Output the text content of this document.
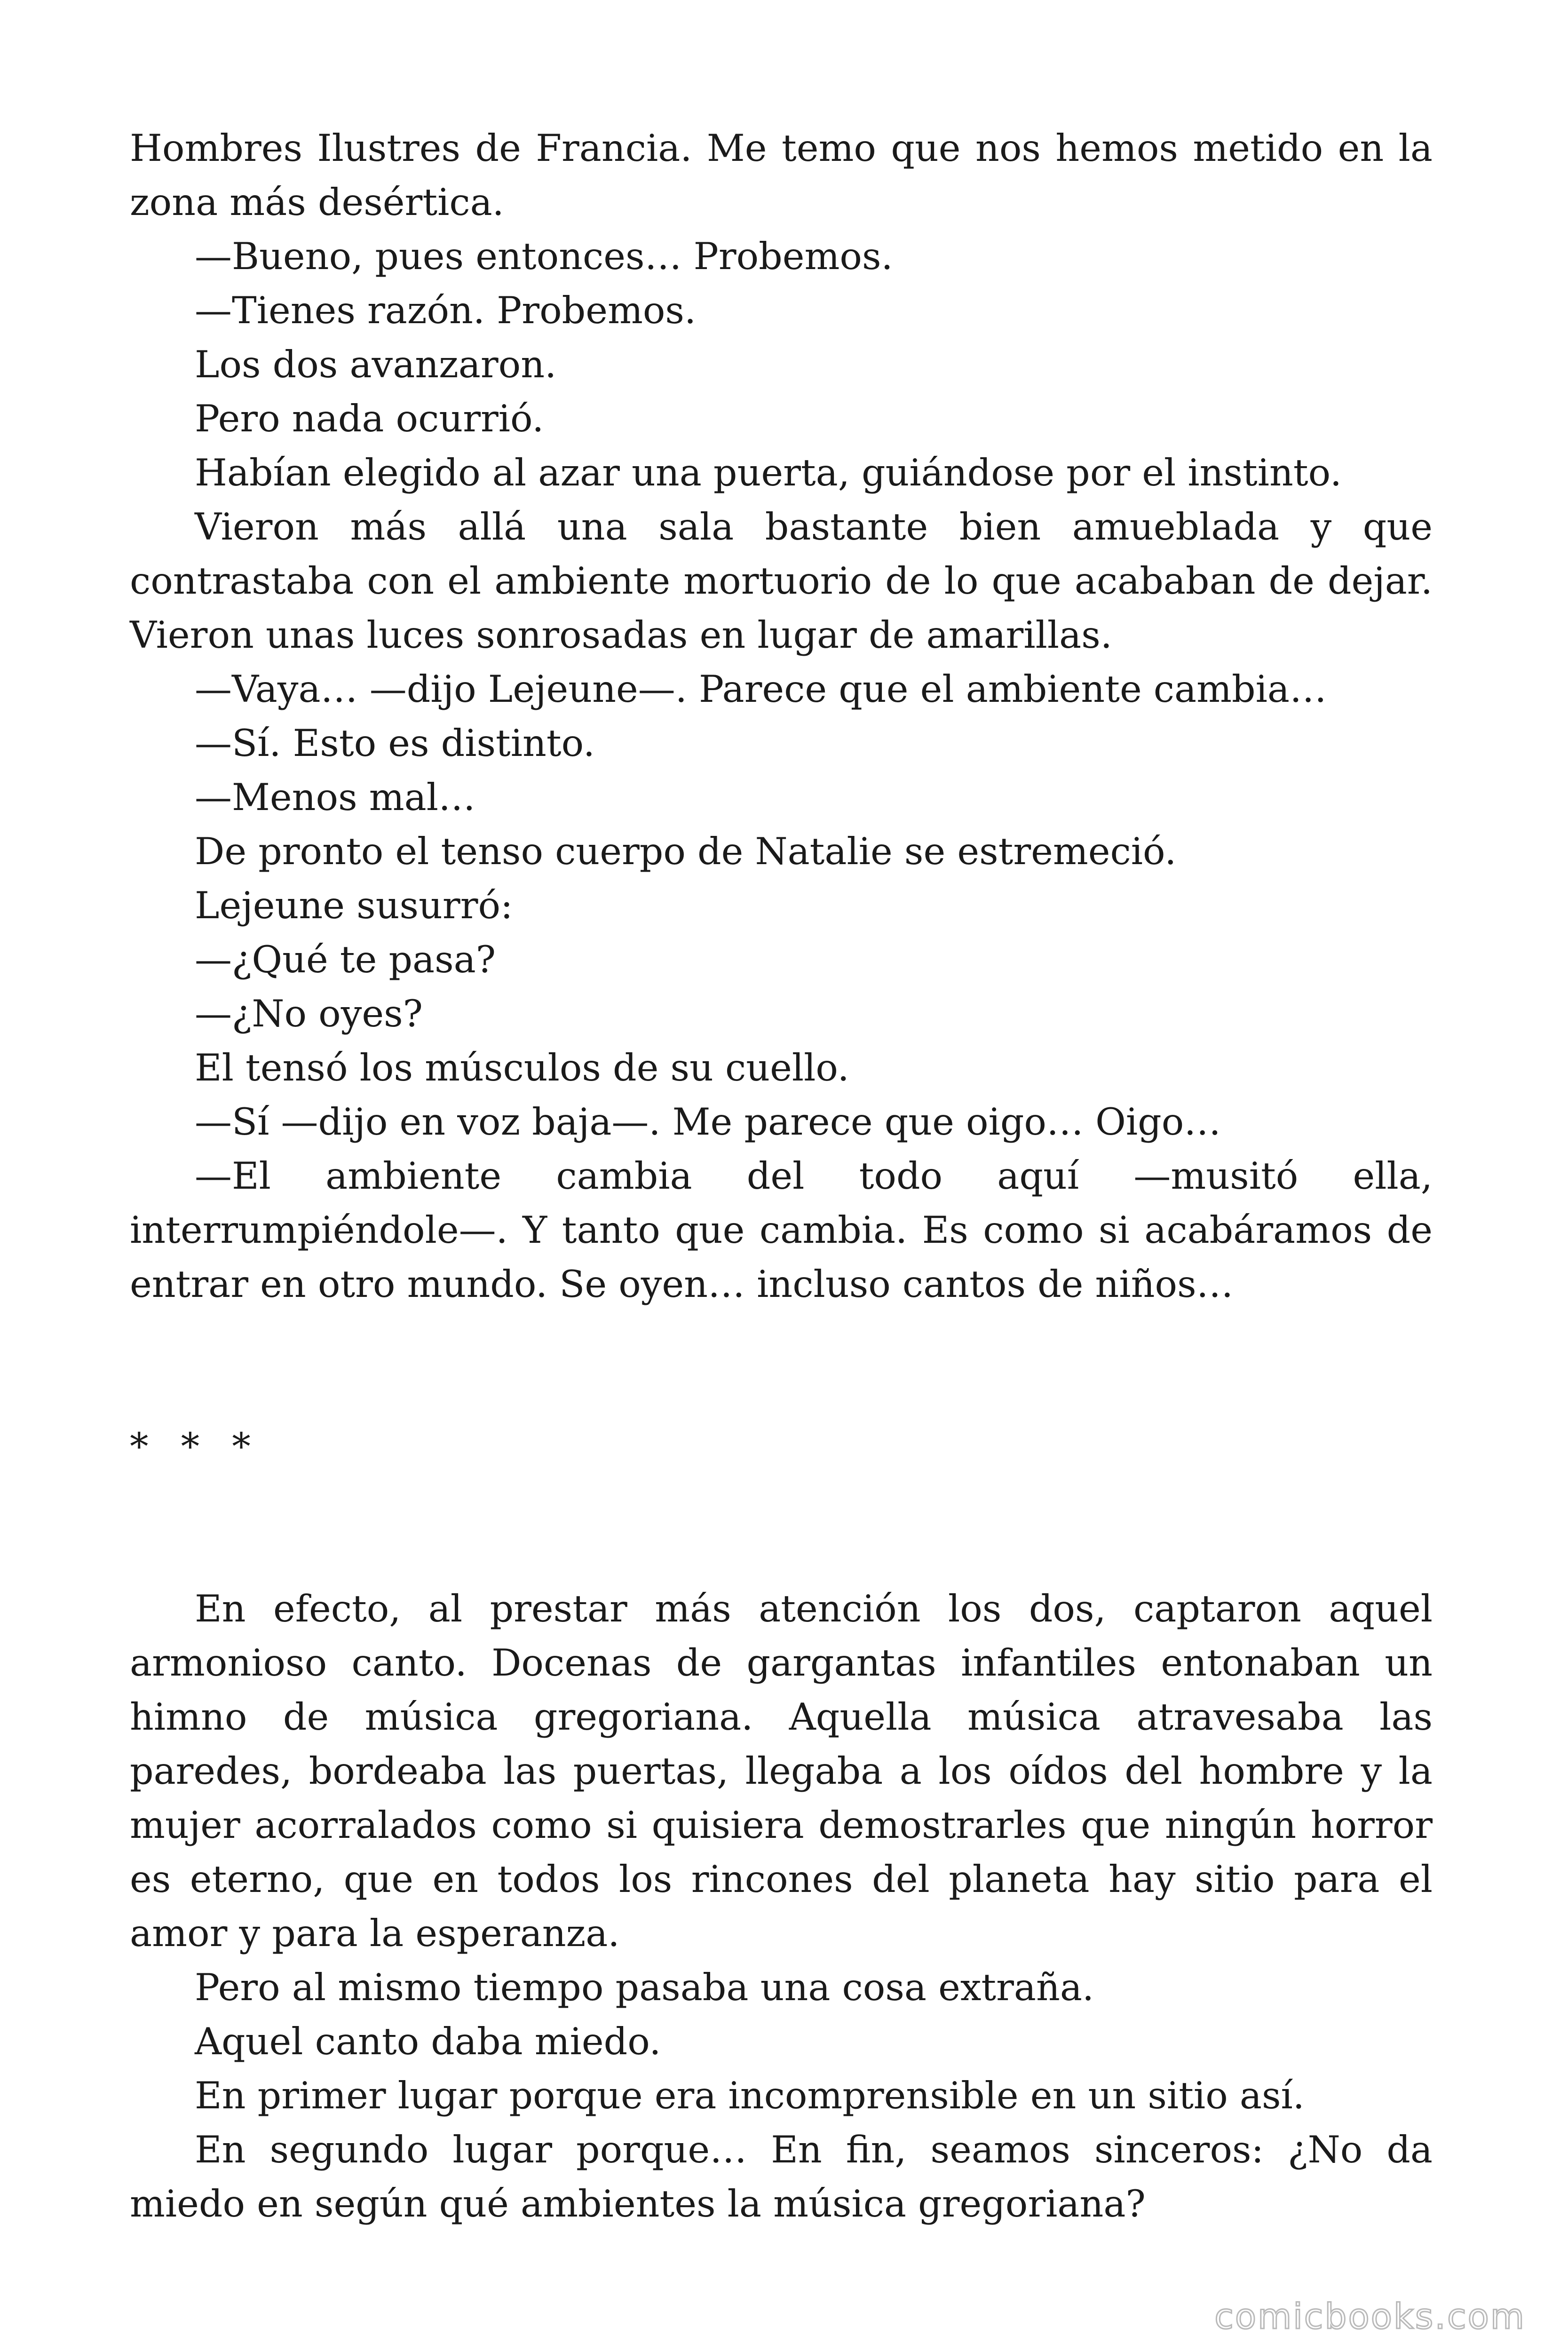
Hombres Ilustres de Francia. Me temo que nos hemos metido en la zona más desértica.

—Bueno, pues entonces… Probemos.

—Tienes razón. Probemos.

Los dos avanzaron.

Pero nada ocurrió.

Habían elegido al azar una puerta, guiándose por el instinto.

Vieron más allá una sala bastante bien amueblada y que contrastaba con el ambiente mortuorio de lo que acababan de dejar. Vieron unas luces sonrosadas en lugar de amarillas.

—Vaya… —dijo Lejeune—. Parece que el ambiente cambia…

—Sí. Esto es distinto.

—Menos mal…

De pronto el tenso cuerpo de Natalie se estremeció.

Lejeune susurró:

—¿Qué te pasa?

—¿No oyes?

El tensó los músculos de su cuello.

—Sí —dijo en voz baja—. Me parece que oigo… Oigo…

—El ambiente cambia del todo aquí —musitó ella, interrumpiéndole—. Y tanto que cambia. Es como si acabáramos de entrar en otro mundo. Se oyen… incluso cantos de niños…

* * *

En efecto, al prestar más atención los dos, captaron aquel armonioso canto. Docenas de gargantas infantiles entonaban un himno de música gregoriana. Aquella música atravesaba las paredes, bordeaba las puertas, llegaba a los oídos del hombre y la mujer acorralados como si quisiera demostrarles que ningún horror es eterno, que en todos los rincones del planeta hay sitio para el amor y para la esperanza.

Pero al mismo tiempo pasaba una cosa extraña.

Aquel canto daba miedo.

En primer lugar porque era incomprensible en un sitio así.

En segundo lugar porque… En fin, seamos sinceros: ¿No da miedo en según qué ambientes la música gregoriana?

comicbooks.com
